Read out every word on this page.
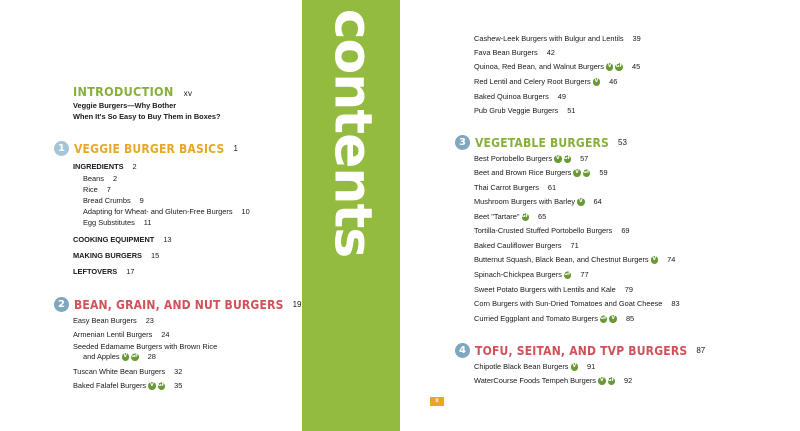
INTRODUCTION xv
Veggie Burgers—Why Bother
When It's So Easy to Buy Them in Boxes?
1 VEGGIE BURGER BASICS 1
INGREDIENTS 2
Beans 2
Rice 7
Bread Crumbs 9
Adapting for Wheat- and Gluten-Free Burgers 10
Egg Substitutes 11
COOKING EQUIPMENT 13
MAKING BURGERS 15
LEFTOVERS 17
2 BEAN, GRAIN, AND NUT BURGERS 19
Easy Bean Burgers 23
Armenian Lentil Burgers 24
Seeded Edamame Burgers with Brown Rice
and Apples V GF 28
Tuscan White Bean Burgers 32
Baked Falafel Burgers V GF 35
contents	Cashew-Leek Burgers with Bulgur and Lentils 39
Fava Bean Burgers 42
Quinoa, Red Bean, and Walnut Burgers V GF 45
Red Lentil and Celery Root Burgers V 46
Baked Quinoa Burgers 49
Pub Grub Veggie Burgers 51
3 VEGETABLE BURGERS 53
Best Portobello Burgers V GF 57
Beet and Brown Rice Burgers V GF 59
Thai Carrot Burgers 61
Mushroom Burgers with Barley V 64
Beet "Tartare" GF 65
Tortilla-Crusted Stuffed Portobello Burgers 69
Baked Cauliflower Burgers 71
Butternut Squash, Black Bean, and Chestnut Burgers V 74
Spinach-Chickpea Burgers GF 77
Sweet Potato Burgers with Lentils and Kale 79
Corn Burgers with Sun-Dried Tomatoes and Goat Cheese 83
Curried Eggplant and Tomato Burgers GF V 85
4 TOFU, SEITAN, AND TVP BURGERS 87
Chipotle Black Bean Burgers V 91
WaterCourse Foods Tempeh Burgers V GF 92
x
